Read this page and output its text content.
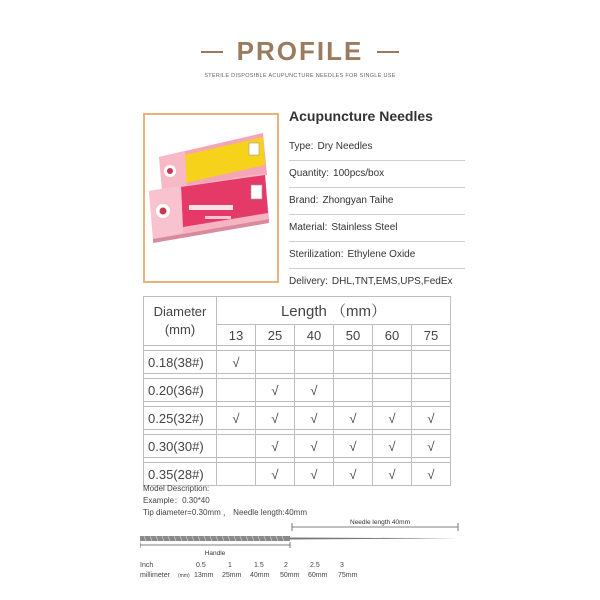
PROFILE
STERILE DISPOSIBLE ACUPUNCTURE NEEDLES FOR SINGLE USE
Acupuncture Needles
Type: Dry Needles
Quantity: 100pcs/box
Brand: Zhongyan Taihe
Material: Stainless Steel
Sterilization: Ethylene Oxide
Delivery: DHL,TNT,EMS,UPS,FedEx
Diameter
(mm)	Length （mm）					
	13	25	40	50	60	75

0.18(38#)	√					

0.20(36#)		√	√			

0.25(32#)	√	√	√	√	√	√

0.30(30#)		√	√	√	√	√

0.35(28#)		√	√	√	√	√
Model Description:
Example：0.30*40
Tip diameter=0.30mm ， Needle length:40mm
Needle length 40mm
Handle
Inch	0.5	1	1.5	2	2.5	3
millimeter (mm) 13mm 25mm 40mm 50mm 60mm 75mm
